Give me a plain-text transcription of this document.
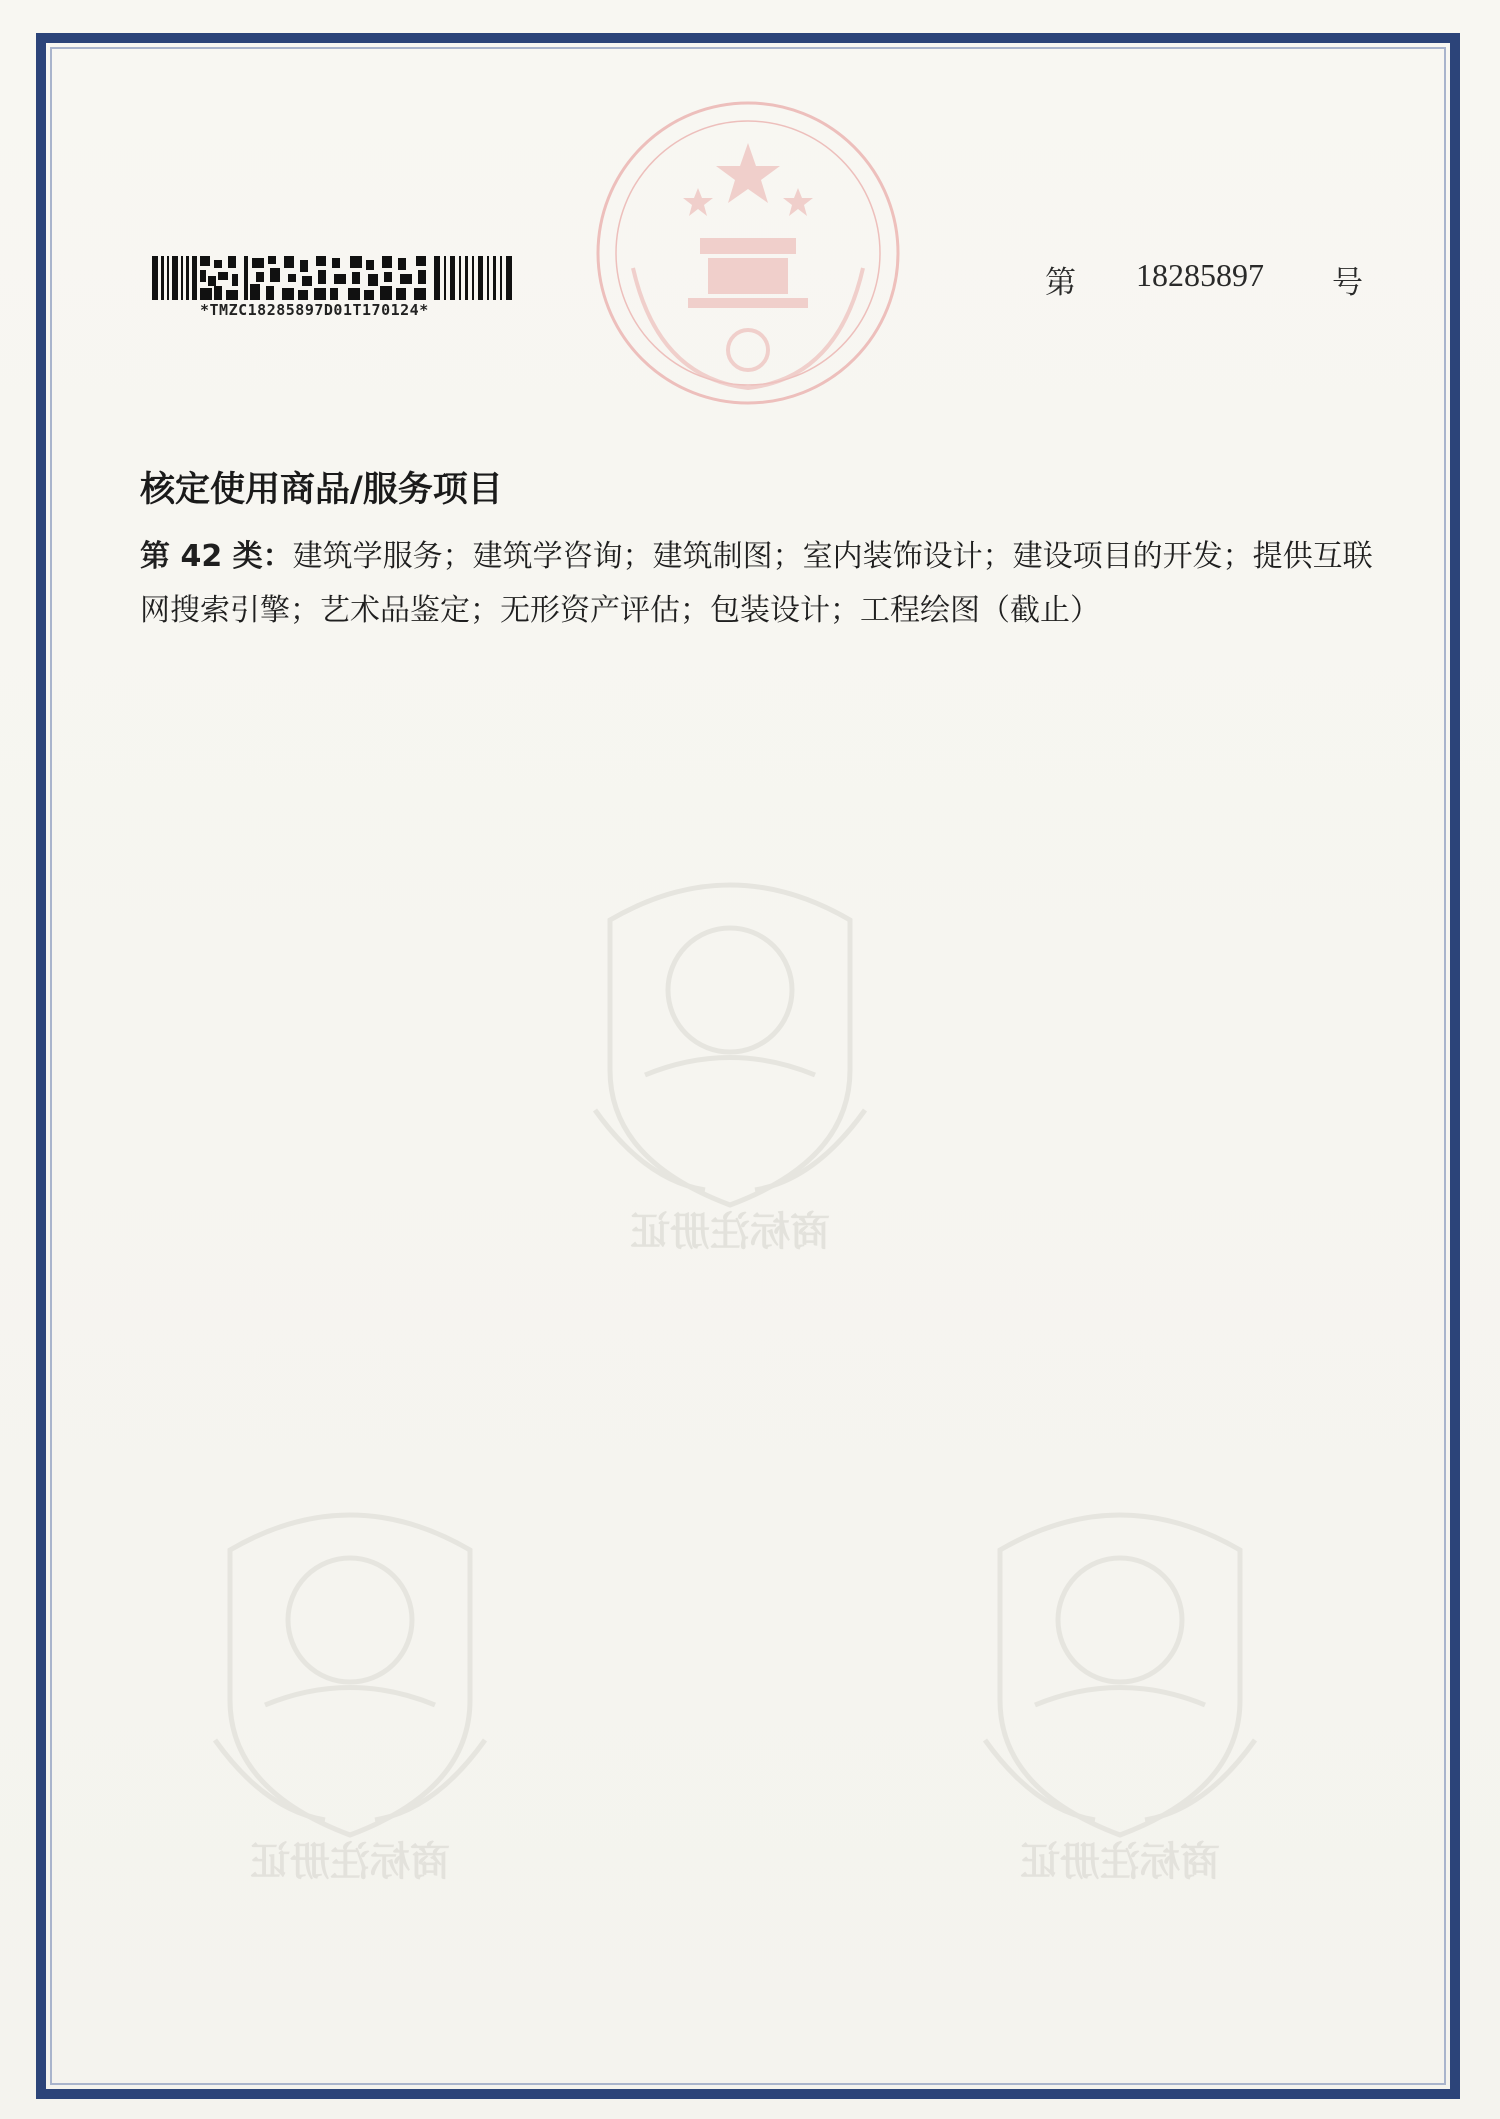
商标注册证
商标注册证	商标注册证
*TMZC18285897D01T170124*
第 18285897 号
核定使用商品/服务项目
第 42 类：建筑学服务；建筑学咨询；建筑制图；室内装饰设计；建设项目的开发；提供互联网搜索引擎；艺术品鉴定；无形资产评估；包装设计；工程绘图（截止）
